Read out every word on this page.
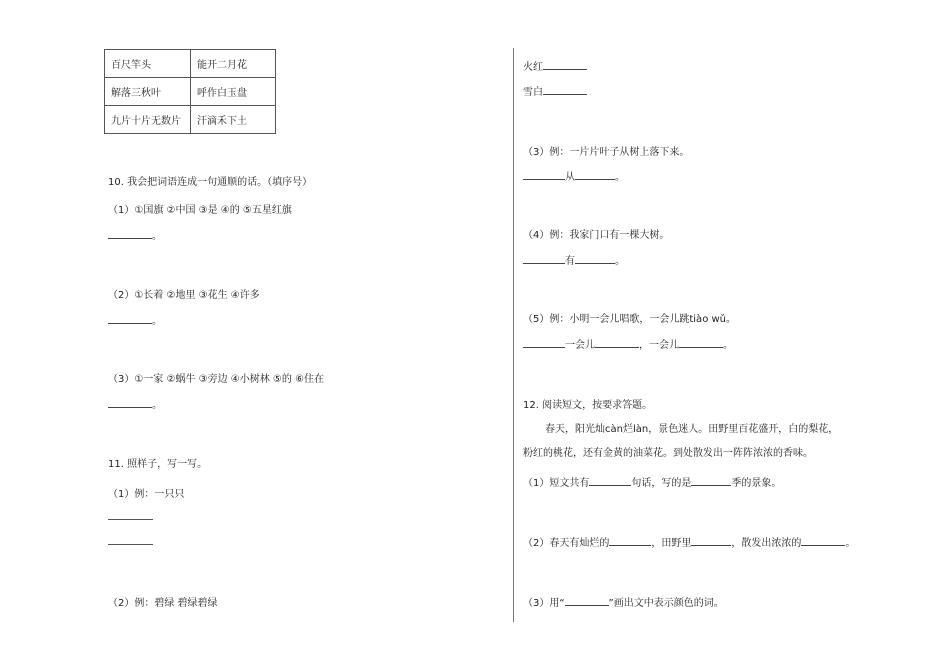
百尺竿头	能开二月花
解落三秋叶	呼作白玉盘
九片十片无数片	汗滴禾下土
10. 我会把词语连成一句通顺的话。（填序号）
（1）①国旗 ②中国 ③是 ④的 ⑤五星红旗
。
（2）①长着 ②地里 ③花生 ④许多
。
（3）①一家 ②蜗牛 ③旁边 ④小树林 ⑤的 ⑥住在
。
11. 照样子，写一写。
（1）例：一只只
（2）例：碧绿 碧绿碧绿
火红
雪白
（3）例：一片片叶子从树上落下来。
从	。
（4）例：我家门口有一棵大树。
有	。
（5）例：小明一会儿唱歌，一会儿跳tiào wǔ。
一会儿	，一会儿	。
12. 阅读短文，按要求答题。
春天，阳光灿càn烂làn，景色迷人。田野里百花盛开，白的梨花，
粉红的桃花，还有金黄的油菜花。到处散发出一阵阵浓浓的香味。
（1）短文共有	句话，写的是	季的景象。
（2）春天有灿烂的	，田野里	，散发出浓浓的	。
（3）用“	”画出文中表示颜色的词。
